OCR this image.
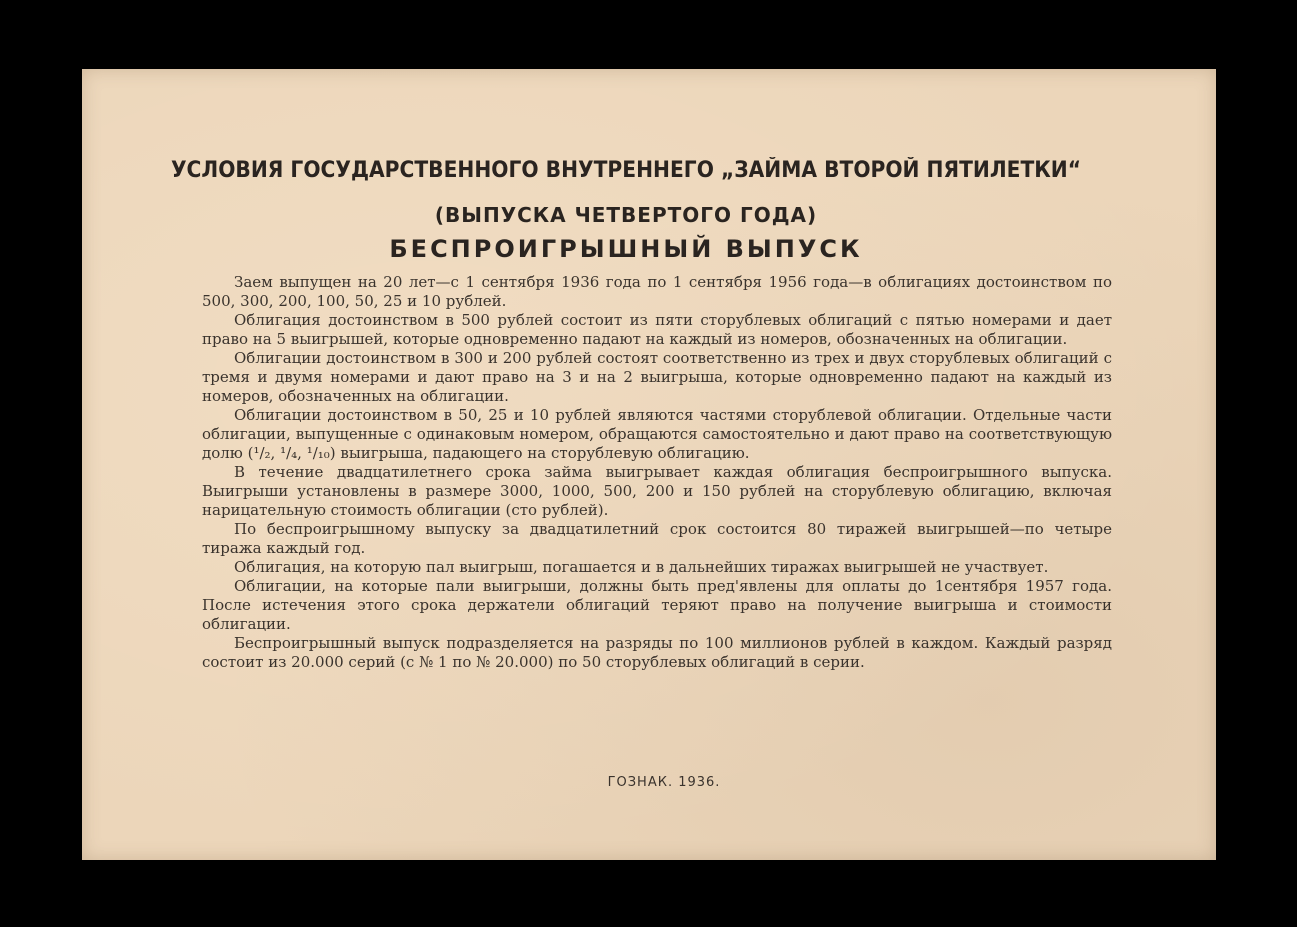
УСЛОВИЯ ГОСУДАРСТВЕННОГО ВНУТРЕННЕГО „ЗАЙМА ВТОРОЙ ПЯТИЛЕТКИ“
(ВЫПУСКА ЧЕТВЕРТОГО ГОДА)
БЕСПРОИГРЫШНЫЙ ВЫПУСК

Заем выпущен на 20 лет—с 1 сентября 1936 года по 1 сентября 1956 года—в облигациях достоинством по 500, 300, 200, 100, 50, 25 и 10 рублей.

Облигация достоинством в 500 рублей состоит из пяти сторублевых облигаций с пятью номерами и дает право на 5 выигрышей, которые одновременно падают на каждый из номеров, обозначенных на облигации.

Облигации достоинством в 300 и 200 рублей состоят соответственно из трех и двух сторублевых облигаций с тремя и двумя номерами и дают право на 3 и на 2 выигрыша, которые одновременно падают на каждый из номеров, обозначенных на облигации.

Облигации достоинством в 50, 25 и 10 рублей являются частями сторублевой облигации. Отдельные части облигации, выпущенные с одинаковым номером, обращаются самостоятельно и дают право на соответствующую долю (¹/₂, ¹/₄, ¹/₁₀) выигрыша, падающего на сторублевую облигацию.

В течение двадцатилетнего срока займа выигрывает каждая облигация беспроигрышного выпуска. Выигрыши установлены в размере 3000, 1000, 500, 200 и 150 рублей на сторублевую облигацию, включая нарицательную стоимость облигации (сто рублей).

По беспроигрышному выпуску за двадцатилетний срок состоится 80 тиражей выигрышей—по четыре тиража каждый год.

Облигация, на которую пал выигрыш, погашается и в дальнейших тиражах выигрышей не участвует.

Облигации, на которые пали выигрыши, должны быть пред'явлены для оплаты до 1сентября 1957 года. После истечения этого срока держатели облигаций теряют право на получение выигрыша и стоимости облигации.

Беспроигрышный выпуск подразделяется на разряды по 100 миллионов рублей в каждом. Каждый разряд состоит из 20.000 серий (с № 1 по № 20.000) по 50 сторублевых облигаций в серии.

ГОЗНАК. 1936.
